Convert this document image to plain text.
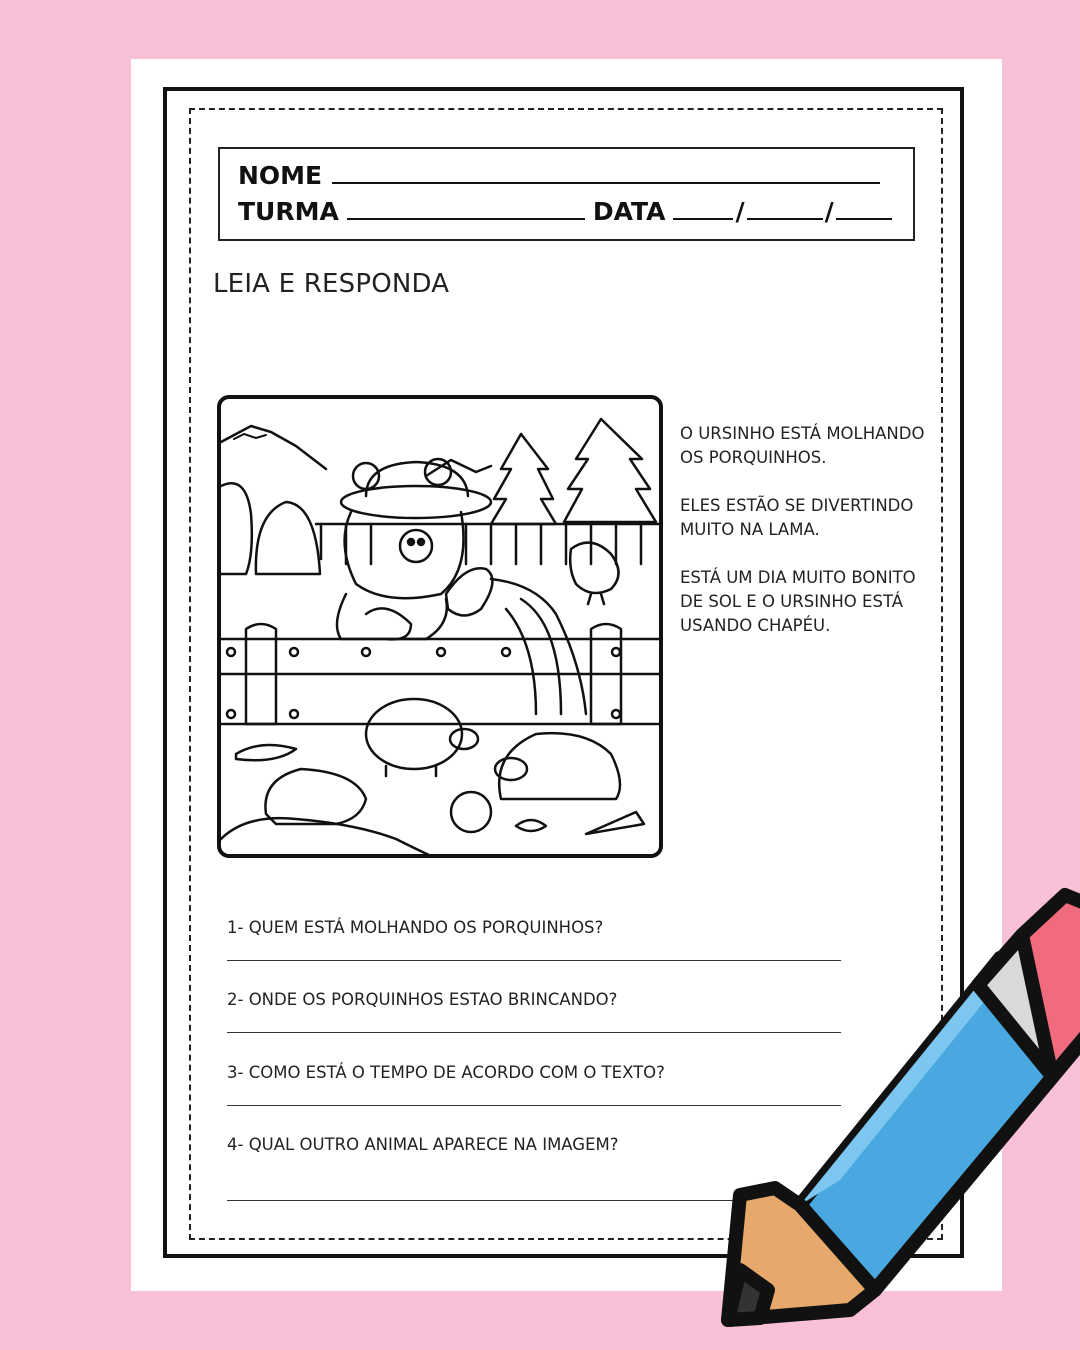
NOME
TURMA	DATA	/	/
LEIA E RESPONDA

O URSINHO ESTÁ MOLHANDO OS PORQUINHOS.

ELES ESTÃO SE DIVERTINDO MUITO NA LAMA.

ESTÁ UM DIA MUITO BONITO DE SOL E O URSINHO ESTÁ USANDO CHAPÉU.

1- QUEM ESTÁ MOLHANDO OS PORQUINHOS?
2- ONDE OS PORQUINHOS ESTAO BRINCANDO?
3- COMO ESTÁ O TEMPO DE ACORDO COM O TEXTO?
4- QUAL OUTRO ANIMAL APARECE NA IMAGEM?
